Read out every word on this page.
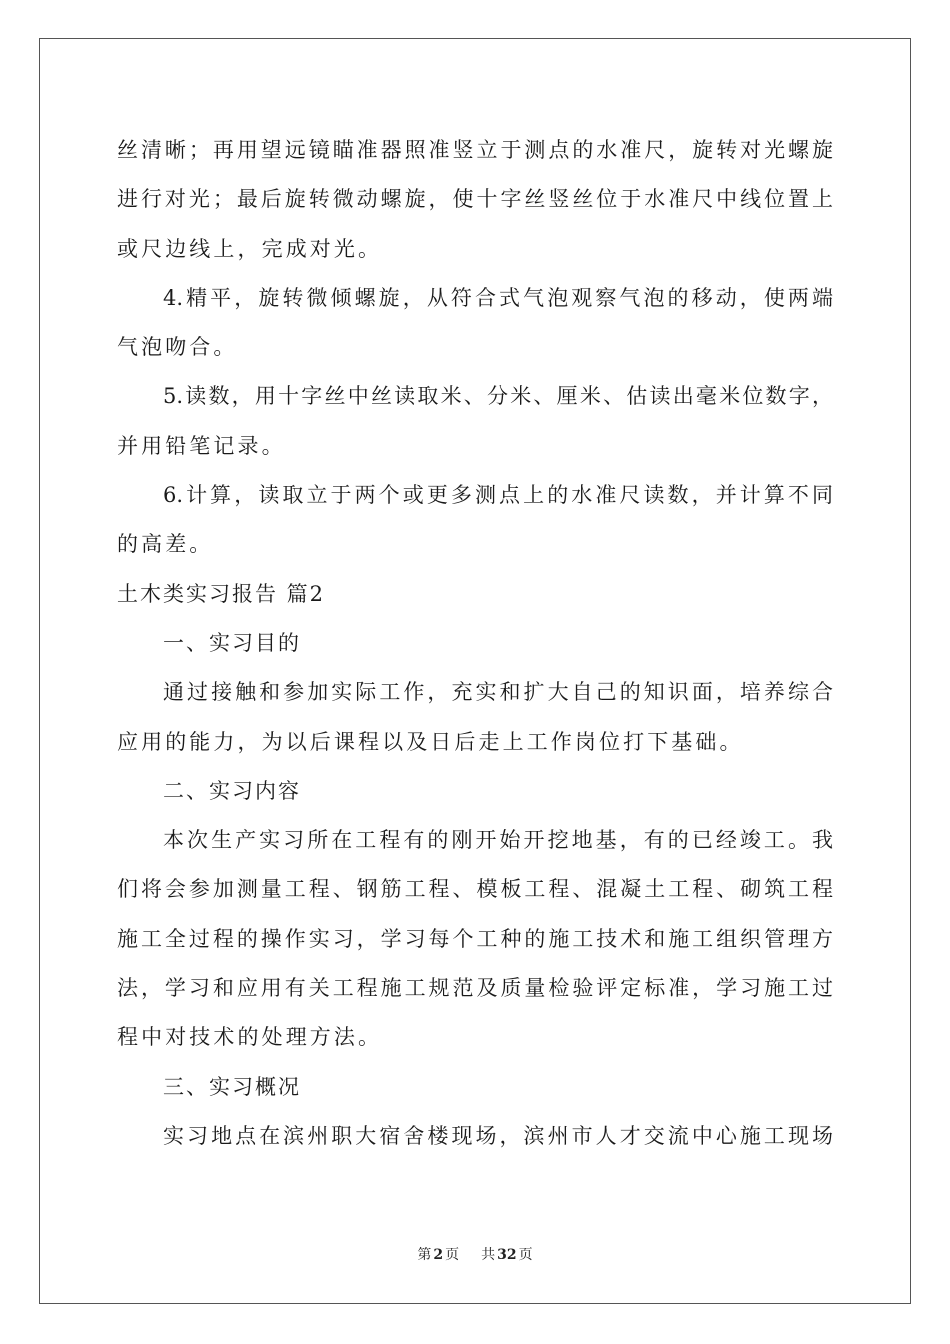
丝清晰；再用望远镜瞄准器照准竖立于测点的水准尺，旋转对光螺旋
进行对光；最后旋转微动螺旋，使十字丝竖丝位于水准尺中线位置上
或尺边线上，完成对光。
4.精平，旋转微倾螺旋，从符合式气泡观察气泡的移动，使两端
气泡吻合。
5.读数，用十字丝中丝读取米、分米、厘米、估读出毫米位数字，
并用铅笔记录。
6.计算，读取立于两个或更多测点上的水准尺读数，并计算不同
的高差。
土木类实习报告 篇2
一、实习目的
通过接触和参加实际工作，充实和扩大自己的知识面，培养综合
应用的能力，为以后课程以及日后走上工作岗位打下基础。
二、实习内容
本次生产实习所在工程有的刚开始开挖地基，有的已经竣工。我
们将会参加测量工程、钢筋工程、模板工程、混凝土工程、砌筑工程
施工全过程的操作实习，学习每个工种的施工技术和施工组织管理方
法，学习和应用有关工程施工规范及质量检验评定标准，学习施工过
程中对技术的处理方法。
三、实习概况
实习地点在滨州职大宿舍楼现场，滨州市人才交流中心施工现场
第 2 页 共 32 页
